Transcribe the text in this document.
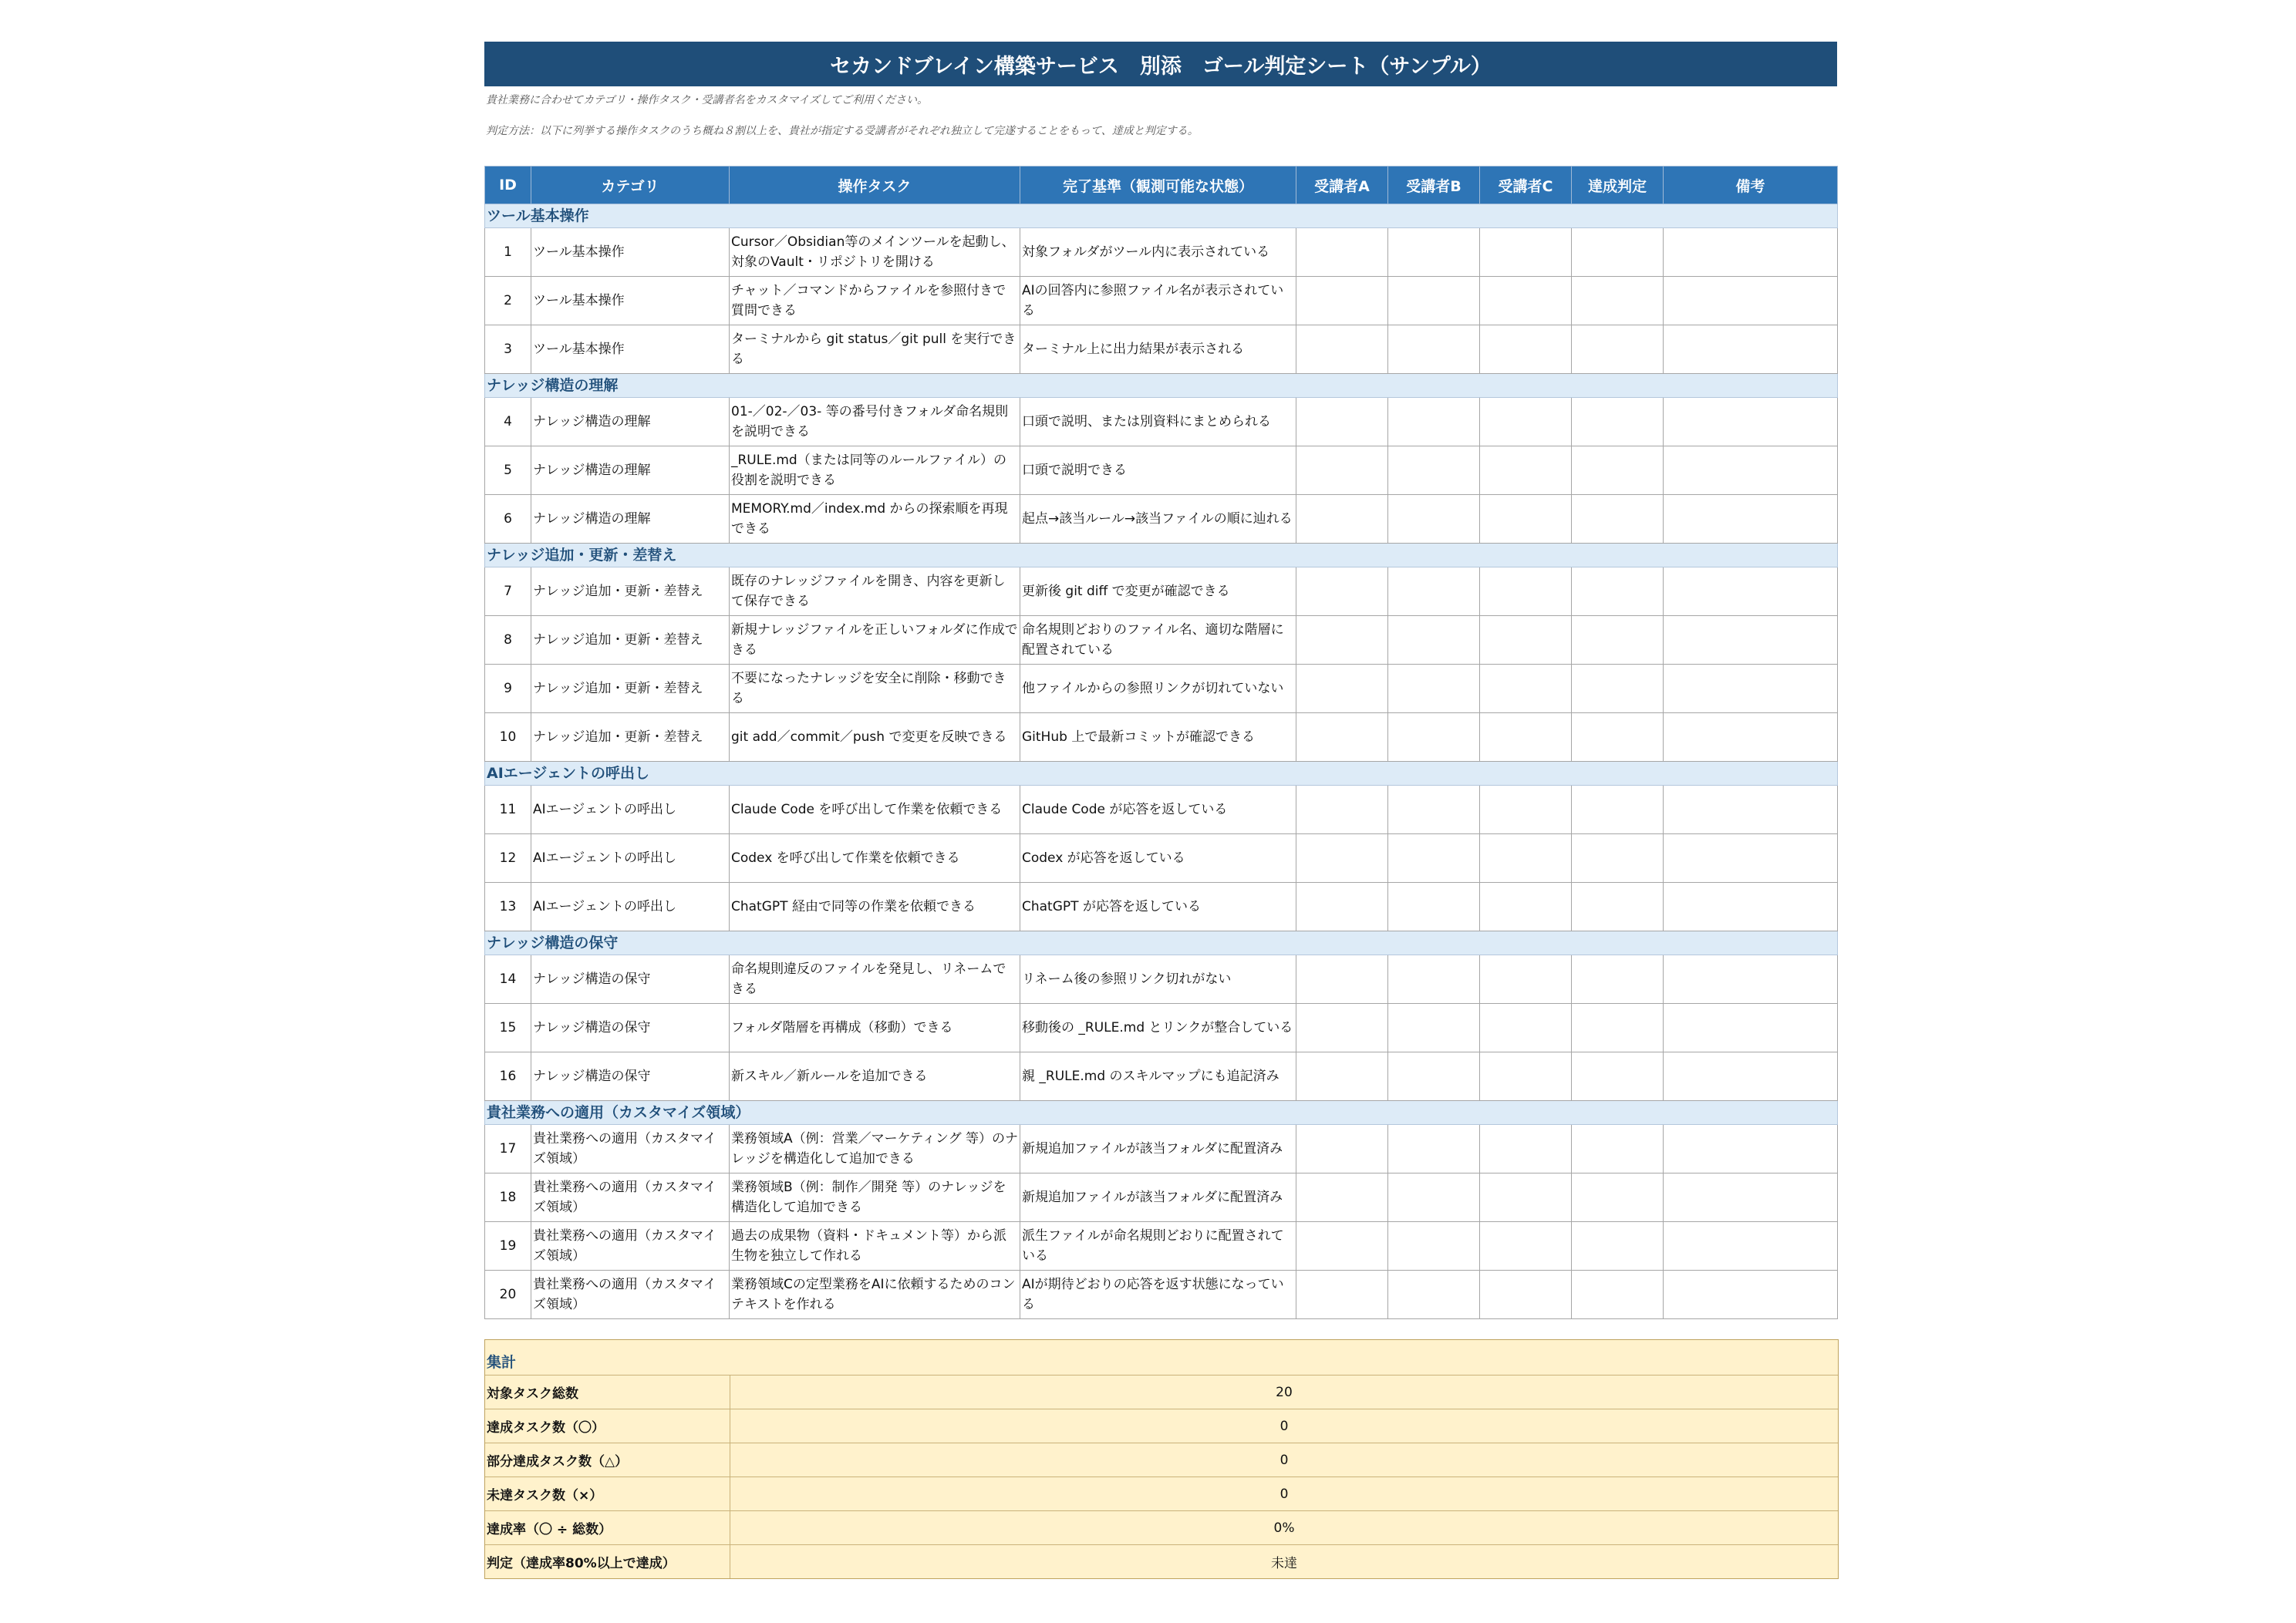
セカンドブレイン構築サービス　別添　ゴール判定シート（サンプル）
貴社業務に合わせてカテゴリ・操作タスク・受講者名をカスタマイズしてご利用ください。
判定方法：以下に列挙する操作タスクのうち概ね８割以上を、貴社が指定する受講者がそれぞれ独立して完遂することをもって、達成と判定する。
ID	カテゴリ	操作タスク	完了基準（観測可能な状態）	受講者A	受講者B	受講者C	達成判定	備考
ツール基本操作								
1	ツール基本操作	Cursor／Obsidian等のメインツールを起動し、対象のVault・リポジトリを開ける	対象フォルダがツール内に表示されている					
2	ツール基本操作	チャット／コマンドからファイルを参照付きで質問できる	AIの回答内に参照ファイル名が表示されている					
3	ツール基本操作	ターミナルから git status／git pull を実行できる	ターミナル上に出力結果が表示される					
ナレッジ構造の理解								
4	ナレッジ構造の理解	01-／02-／03- 等の番号付きフォルダ命名規則を説明できる	口頭で説明、または別資料にまとめられる					
5	ナレッジ構造の理解	_RULE.md（または同等のルールファイル）の役割を説明できる	口頭で説明できる					
6	ナレッジ構造の理解	MEMORY.md／index.md からの探索順を再現できる	起点→該当ルール→該当ファイルの順に辿れる					
ナレッジ追加・更新・差替え								
7	ナレッジ追加・更新・差替え	既存のナレッジファイルを開き、内容を更新して保存できる	更新後 git diff で変更が確認できる					
8	ナレッジ追加・更新・差替え	新規ナレッジファイルを正しいフォルダに作成できる	命名規則どおりのファイル名、適切な階層に配置されている					
9	ナレッジ追加・更新・差替え	不要になったナレッジを安全に削除・移動できる	他ファイルからの参照リンクが切れていない					
10	ナレッジ追加・更新・差替え	git add／commit／push で変更を反映できる	GitHub 上で最新コミットが確認できる					
AIエージェントの呼出し								
11	AIエージェントの呼出し	Claude Code を呼び出して作業を依頼できる	Claude Code が応答を返している					
12	AIエージェントの呼出し	Codex を呼び出して作業を依頼できる	Codex が応答を返している					
13	AIエージェントの呼出し	ChatGPT 経由で同等の作業を依頼できる	ChatGPT が応答を返している					
ナレッジ構造の保守								
14	ナレッジ構造の保守	命名規則違反のファイルを発見し、リネームできる	リネーム後の参照リンク切れがない					
15	ナレッジ構造の保守	フォルダ階層を再構成（移動）できる	移動後の _RULE.md とリンクが整合している					
16	ナレッジ構造の保守	新スキル／新ルールを追加できる	親 _RULE.md のスキルマップにも追記済み					
貴社業務への適用（カスタマイズ領域）								
17	貴社業務への適用（カスタマイズ領域）	業務領域A（例：営業／マーケティング 等）のナレッジを構造化して追加できる	新規追加ファイルが該当フォルダに配置済み					
18	貴社業務への適用（カスタマイズ領域）	業務領域B（例：制作／開発 等）のナレッジを構造化して追加できる	新規追加ファイルが該当フォルダに配置済み					
19	貴社業務への適用（カスタマイズ領域）	過去の成果物（資料・ドキュメント等）から派生物を独立して作れる	派生ファイルが命名規則どおりに配置されている					
20	貴社業務への適用（カスタマイズ領域）	業務領域Cの定型業務をAIに依頼するためのコンテキストを作れる	AIが期待どおりの応答を返す状態になっている					
集計
対象タスク総数	20
達成タスク数（〇）	0
部分達成タスク数（△）	0
未達タスク数（×）	0
達成率（〇 ÷ 総数）	0%
判定（達成率80%以上で達成）	未達
